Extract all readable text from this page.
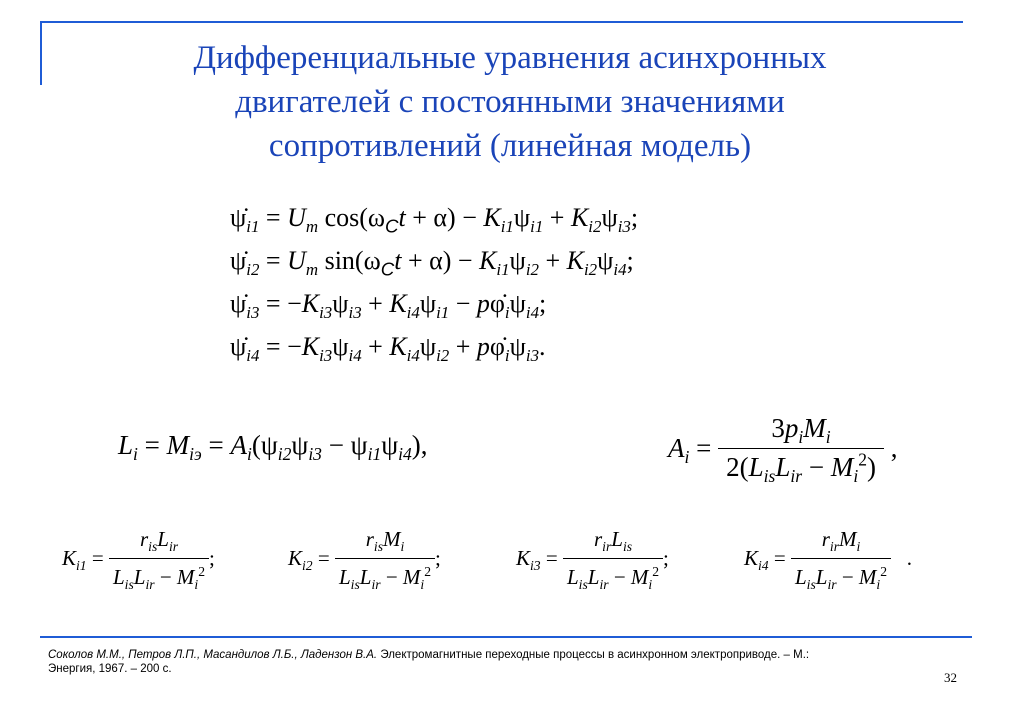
Дифференциальные уравнения асинхронных
двигателей с постоянными значениями
сопротивлений (линейная модель)
$\psi̇_{i1} = U_m$ $\cos(\omega_Ct + \alpha) - K_{i1}\psi_{i1} + K_{i2}\psi_{i3}$;
$\psi̇_{i2} = U_m$ $\sin(\omega_Ct + \alpha) - K_{i1}\psi_{i2} + K_{i2}\psi_{i4}$;
$\psi̇_{i3} = -K_{i3}\psi_{i3} + K_{i4}\psi_{i1}$ − $p\varphi̇_i\psi_{i4}$;
$\psi̇_{i4} = -K_{i3}\psi_{i4} + K_{i4}\psi_{i2}$ + $p\varphi̇_i\psi_{i3}$.
$L_i = M_{iэ} = A_i(\psi_{i2}\psi_{i3} - \psi_{i1}\psi_{i4})$,	$A_i = \frac{3p_iM_i}{2(L_{is}L_{ir} - M_i^2)}$ ,
$K_{i1} = \frac{r_{is}L_{ir}}{L_{is}L_{ir} - M_i^2}$ ;	$K_{i2} = \frac{r_{is}M_i}{L_{is}L_{ir} - M_i^2}$ ;	$K_{i3} = \frac{r_{ir}L_{is}}{L_{is}L_{ir} - M_i^2}$ ;	$K_{i4} = \frac{r_{ir}M_i}{L_{is}L_{ir} - M_i^2}$ .
Соколов М.М., Петров Л.П., Масандилов Л.Б., Ладензон В.А. Электромагнитные переходные процессы в асинхронном электроприводе. – М.: Энергия, 1967. – 200 с.
32
